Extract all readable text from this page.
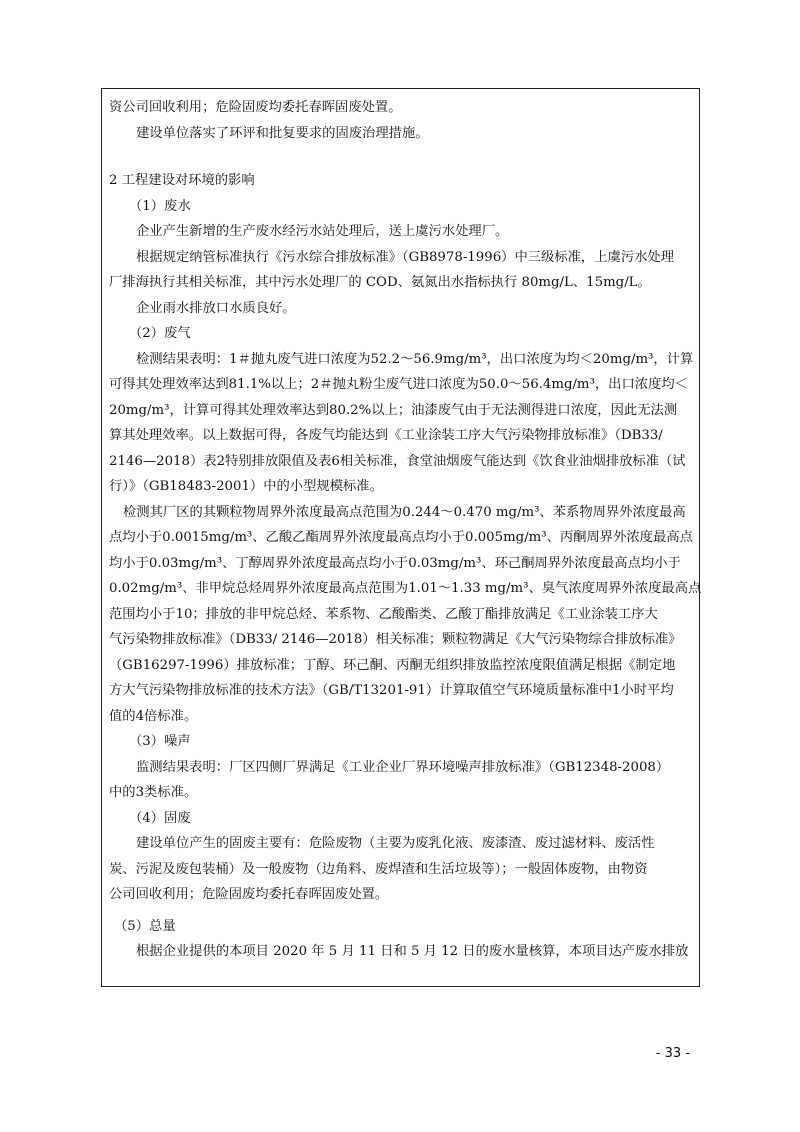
资公司回收利用；危险固废均委托春晖固废处置。
建设单位落实了环评和批复要求的固废治理措施。
2 工程建设对环境的影响
（1）废水
企业产生新增的生产废水经污水站处理后，送上虞污水处理厂。
根据规定纳管标准执行《污水综合排放标准》（GB8978-1996）中三级标准，上虞污水处理
厂排海执行其相关标准，其中污水处理厂的 COD、氨氮出水指标执行 80mg/L、15mg/L。
企业雨水排放口水质良好。
（2）废气
检测结果表明：1＃抛丸废气进口浓度为52.2～56.9mg/m³，出口浓度为均＜20mg/m³，计算
可得其处理效率达到81.1%以上；2＃抛丸粉尘废气进口浓度为50.0～56.4mg/m³，出口浓度均＜
20mg/m³，计算可得其处理效率达到80.2%以上；油漆废气由于无法测得进口浓度，因此无法测
算其处理效率。以上数据可得，各废气均能达到《工业涂装工序大气污染物排放标准》（DB33/
2146—2018）表2特别排放限值及表6相关标准，食堂油烟废气能达到《饮食业油烟排放标准（试
行）》（GB18483-2001）中的小型规模标准。
检测其厂区的其颗粒物周界外浓度最高点范围为0.244～0.470 mg/m³、苯系物周界外浓度最高
点均小于0.0015mg/m³、乙酸乙酯周界外浓度最高点均小于0.005mg/m³、丙酮周界外浓度最高点
均小于0.03mg/m³、丁醇周界外浓度最高点均小于0.03mg/m³、环己酮周界外浓度最高点均小于
0.02mg/m³、非甲烷总烃周界外浓度最高点范围为1.01～1.33 mg/m³、臭气浓度周界外浓度最高点
范围均小于10；排放的非甲烷总烃、苯系物、乙酸酯类、乙酸丁酯排放满足《工业涂装工序大
气污染物排放标准》（DB33/ 2146—2018）相关标准；颗粒物满足《大气污染物综合排放标准》
（GB16297-1996）排放标准；丁醇、环己酮、丙酮无组织排放监控浓度限值满足根据《制定地
方大气污染物排放标准的技术方法》（GB/T13201-91）计算取值空气环境质量标准中1小时平均
值的4倍标准。
（3）噪声
监测结果表明：厂区四侧厂界满足《工业企业厂界环境噪声排放标准》（GB12348-2008）
中的3类标准。
（4）固废
建设单位产生的固废主要有：危险废物（主要为废乳化液、废漆渣、废过滤材料、废活性
炭、污泥及废包装桶）及一般废物（边角料、废焊渣和生活垃圾等）；一般固体废物，由物资
公司回收利用；危险固废均委托春晖固废处置。
（5）总量
根据企业提供的本项目 2020 年 5 月 11 日和 5 月 12 日的废水量核算，本项目达产废水排放
- 33 -
